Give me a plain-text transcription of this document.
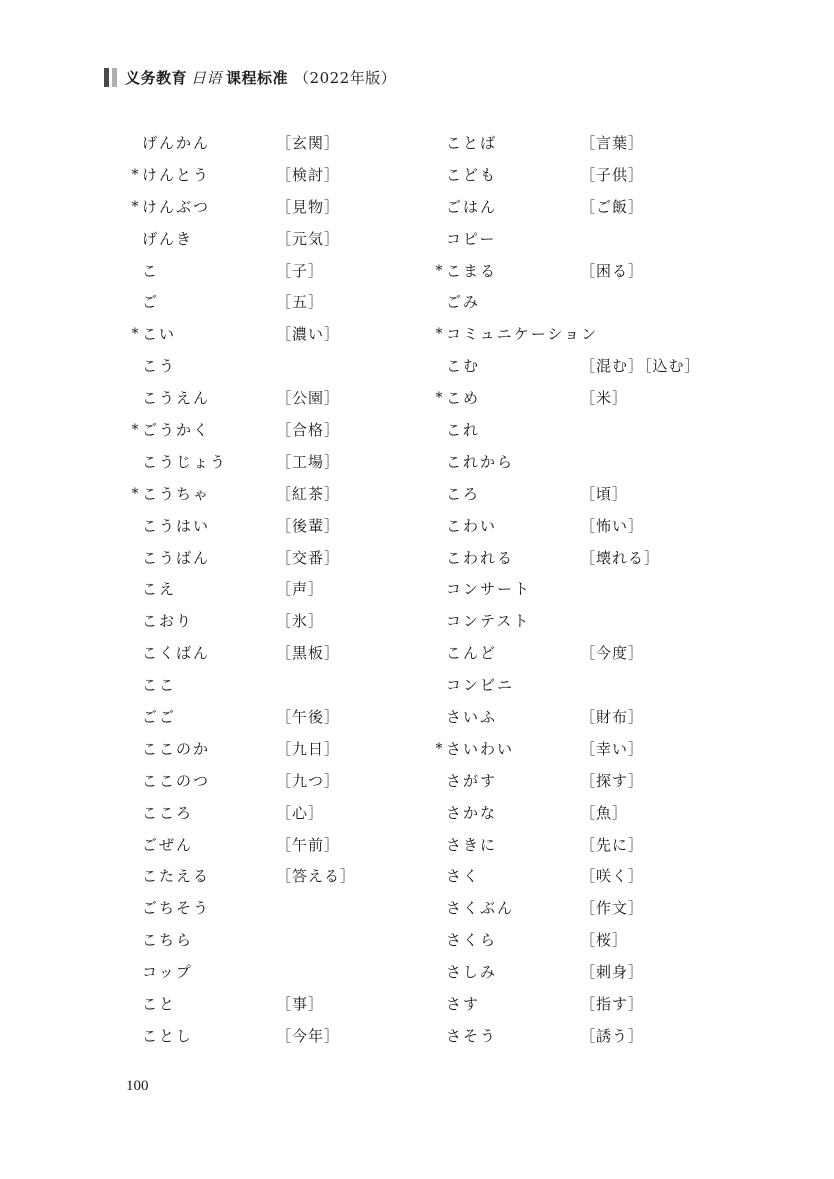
义务教育 日语 课程标准 （2022年版）
げんかん	［玄関］
* けんとう	［検討］
* けんぶつ	［見物］
げんき	［元気］
こ	［子］
ご	［五］
* こい	［濃い］
こう
こうえん	［公園］
* ごうかく	［合格］
こうじょう	［工場］
* こうちゃ	［紅茶］
こうはい	［後輩］
こうばん	［交番］
こえ	［声］
こおり	［氷］
こくばん	［黒板］
ここ
ごご	［午後］
ここのか	［九日］
ここのつ	［九つ］
こころ	［心］
ごぜん	［午前］
こたえる	［答える］
ごちそう
こちら
コップ
こと	［事］
ことし	［今年］
ことば	［言葉］
こども	［子供］
ごはん	［ご飯］
コピー
* こまる	［困る］
ごみ
* コミュニケーション
こむ	［混む］［込む］
* こめ	［米］
これ
これから
ころ	［頃］
こわい	［怖い］
こわれる	［壊れる］
コンサート
コンテスト
こんど	［今度］
コンビニ
さいふ	［財布］
* さいわい	［幸い］
さがす	［探す］
さかな	［魚］
さきに	［先に］
さく	［咲く］
さくぶん	［作文］
さくら	［桜］
さしみ	［刺身］
さす	［指す］
さそう	［誘う］
100
